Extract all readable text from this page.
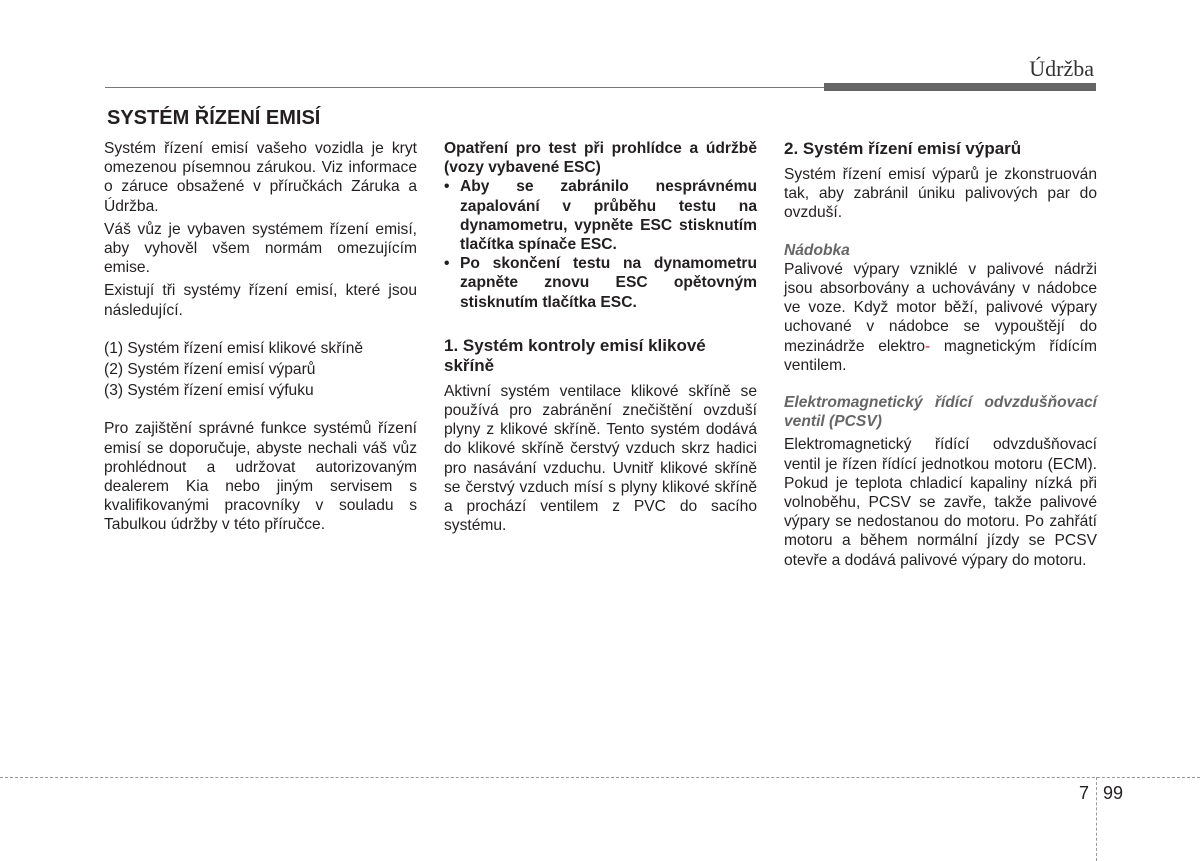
Údržba
SYSTÉM ŘÍZENÍ EMISÍ

Systém řízení emisí vašeho vozidla je kryt omezenou písemnou zárukou. Viz informace o záruce obsažené v příručkách Záruka a Údržba.

Váš vůz je vybaven systémem řízení emisí, aby vyhověl všem normám omezujícím emise.

Existují tři systémy řízení emisí, které jsou následující.

(1) Systém řízení emisí klikové skříně
(2) Systém řízení emisí výparů
(3) Systém řízení emisí výfuku

Pro zajištění správné funkce systémů řízení emisí se doporučuje, abyste nechali váš vůz prohlédnout a udržovat autorizovaným dealerem Kia nebo jiným servisem s kvalifikovanými pracovníky v souladu s Tabulkou údržby v této příručce.

Opatření pro test při prohlídce a údržbě (vozy vybavené ESC)

• Aby se zabránilo nesprávnému zapalování v průběhu testu na dynamometru, vypněte ESC stisknutím tlačítka spínače ESC.
• Po skončení testu na dynamometru zapněte znovu ESC opětovným stisknutím tlačítka ESC.
1. Systém kontroly emisí klikové skříně

Aktivní systém ventilace klikové skříně se používá pro zabránění znečištění ovzduší plyny z klikové skříně. Tento systém dodává do klikové skříně čerstvý vzduch skrz hadici pro nasávání vzduchu. Uvnitř klikové skříně se čerstvý vzduch mísí s plyny klikové skříně a prochází ventilem z PVC do sacího systému.

2. Systém řízení emisí výparů

Systém řízení emisí výparů je zkonstruován tak, aby zabránil úniku palivových par do ovzduší.

Nádobka

Palivové výpary vzniklé v palivové nádrži jsou absorbovány a uchovávány v nádobce ve voze. Když motor běží, palivové výpary uchované v nádobce se vypouštějí do mezinádrže elektro- magnetickým řídícím ventilem.

Elektromagnetický řídící odvzdušňovací ventil (PCSV)

Elektromagnetický řídící odvzdušňovací ventil je řízen řídící jednotkou motoru (ECM). Pokud je teplota chladicí kapaliny nízká při volnoběhu, PCSV se zavře, takže palivové výpary se nedostanou do motoru. Po zahřátí motoru a během normální jízdy se PCSV otevře a dodává palivové výpary do motoru.

7 99
